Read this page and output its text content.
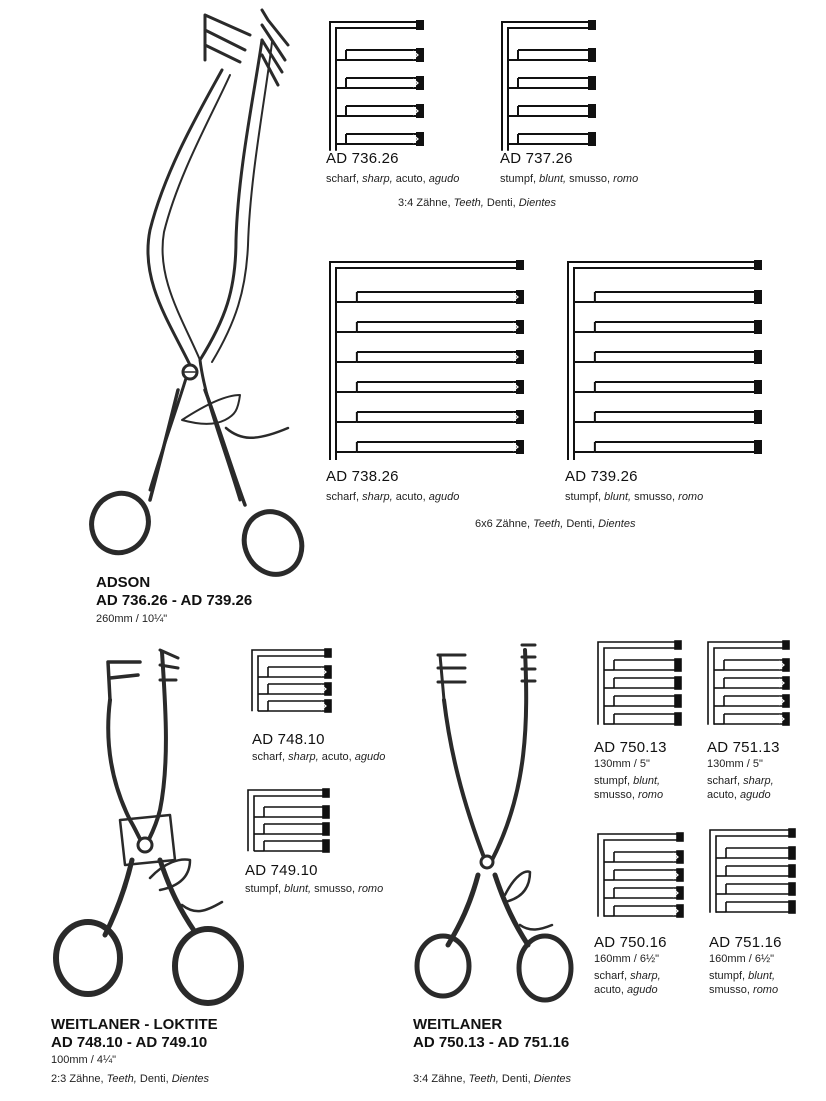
AD 736.26
scharf, sharp, acuto, agudo
AD 737.26
stumpf, blunt, smusso, romo
3:4 Zähne, Teeth, Denti, Dientes
AD 738.26
scharf, sharp, acuto, agudo
AD 739.26
stumpf, blunt, smusso, romo
6x6 Zähne, Teeth, Denti, Dientes
ADSON
AD 736.26 - AD 739.26
260mm / 10¼"
AD 748.10
scharf, sharp, acuto, agudo
AD 749.10
stumpf, blunt, smusso, romo
WEITLANER - LOKTITE
AD 748.10 - AD 749.10
100mm / 4¼"
2:3 Zähne, Teeth, Denti, Dientes
AD 750.13
130mm / 5"
stumpf, blunt,
smusso, romo
AD 751.13
130mm / 5"
scharf, sharp,
acuto, agudo
AD 750.16
160mm / 6½"
scharf, sharp,
acuto, agudo
AD 751.16
160mm / 6½"
stumpf, blunt,
smusso, romo
WEITLANER
AD 750.13 - AD 751.16
3:4 Zähne, Teeth, Denti, Dientes
